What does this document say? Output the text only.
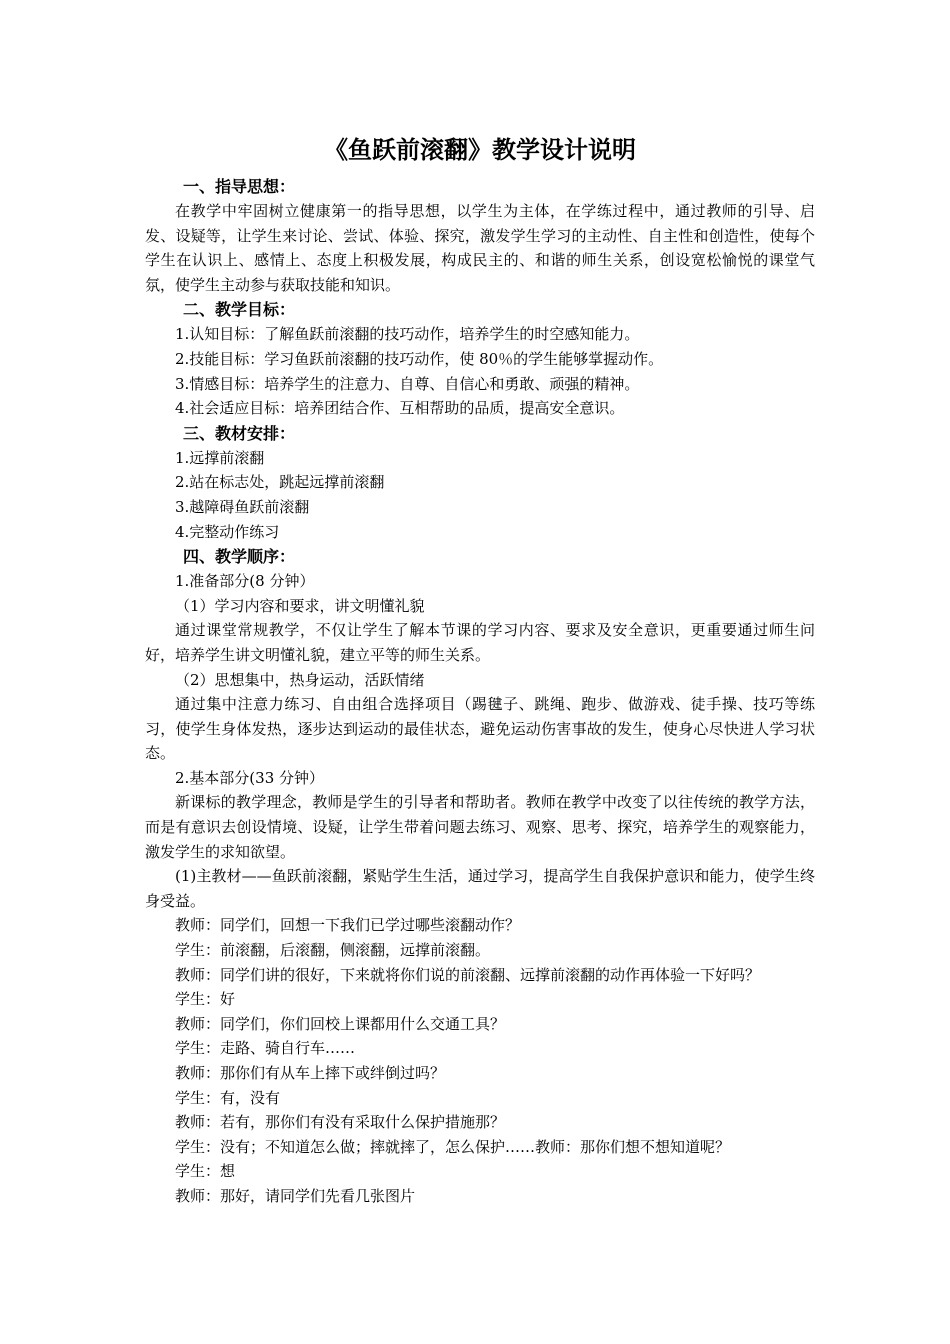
《鱼跃前滚翻》教学设计说明
一、指导思想：

在教学中牢固树立健康第一的指导思想，以学生为主体，在学练过程中，通过教师的引导、启发、设疑等，让学生来讨论、尝试、体验、探究，激发学生学习的主动性、自主性和创造性，使每个学生在认识上、感情上、态度上积极发展，构成民主的、和谐的师生关系，创设宽松愉悦的课堂气氛，使学生主动参与获取技能和知识。

二、教学目标：

1.认知目标：了解鱼跃前滚翻的技巧动作，培养学生的时空感知能力。

2.技能目标：学习鱼跃前滚翻的技巧动作，使 80％的学生能够掌握动作。

3.情感目标：培养学生的注意力、自尊、自信心和勇敢、顽强的精神。

4.社会适应目标：培养团结合作、互相帮助的品质，提高安全意识。

三、教材安排：

1.远撑前滚翻

2.站在标志处，跳起远撑前滚翻

3.越障碍鱼跃前滚翻

4.完整动作练习

四、教学顺序：

1.准备部分(8 分钟）

（1）学习内容和要求，讲文明懂礼貌

通过课堂常规教学，不仅让学生了解本节课的学习内容、要求及安全意识，更重要通过师生问好，培养学生讲文明懂礼貌，建立平等的师生关系。

（2）思想集中，热身运动，活跃情绪

通过集中注意力练习、自由组合选择项目（踢毽子、跳绳、跑步、做游戏、徒手操、技巧等练习，使学生身体发热，逐步达到运动的最佳状态，避免运动伤害事故的发生，使身心尽快进人学习状态。

2.基本部分(33 分钟）

新课标的教学理念，教师是学生的引导者和帮助者。教师在教学中改变了以往传统的教学方法，而是有意识去创设情境、设疑，让学生带着问题去练习、观察、思考、探究，培养学生的观察能力，激发学生的求知欲望。

(1)主教材——鱼跃前滚翻，紧贴学生生活，通过学习，提高学生自我保护意识和能力，使学生终身受益。

教师：同学们，回想一下我们已学过哪些滚翻动作？

学生：前滚翻，后滚翻，侧滚翻，远撑前滚翻。

教师：同学们讲的很好，下来就将你们说的前滚翻、远撑前滚翻的动作再体验一下好吗？

学生：好

教师：同学们，你们回校上课都用什么交通工具？

学生：走路、骑自行车……

教师：那你们有从车上摔下或绊倒过吗？

学生：有，没有

教师：若有，那你们有没有采取什么保护措施那？

学生：没有；不知道怎么做；摔就摔了，怎么保护……教师：那你们想不想知道呢？

学生：想

教师：那好，请同学们先看几张图片
